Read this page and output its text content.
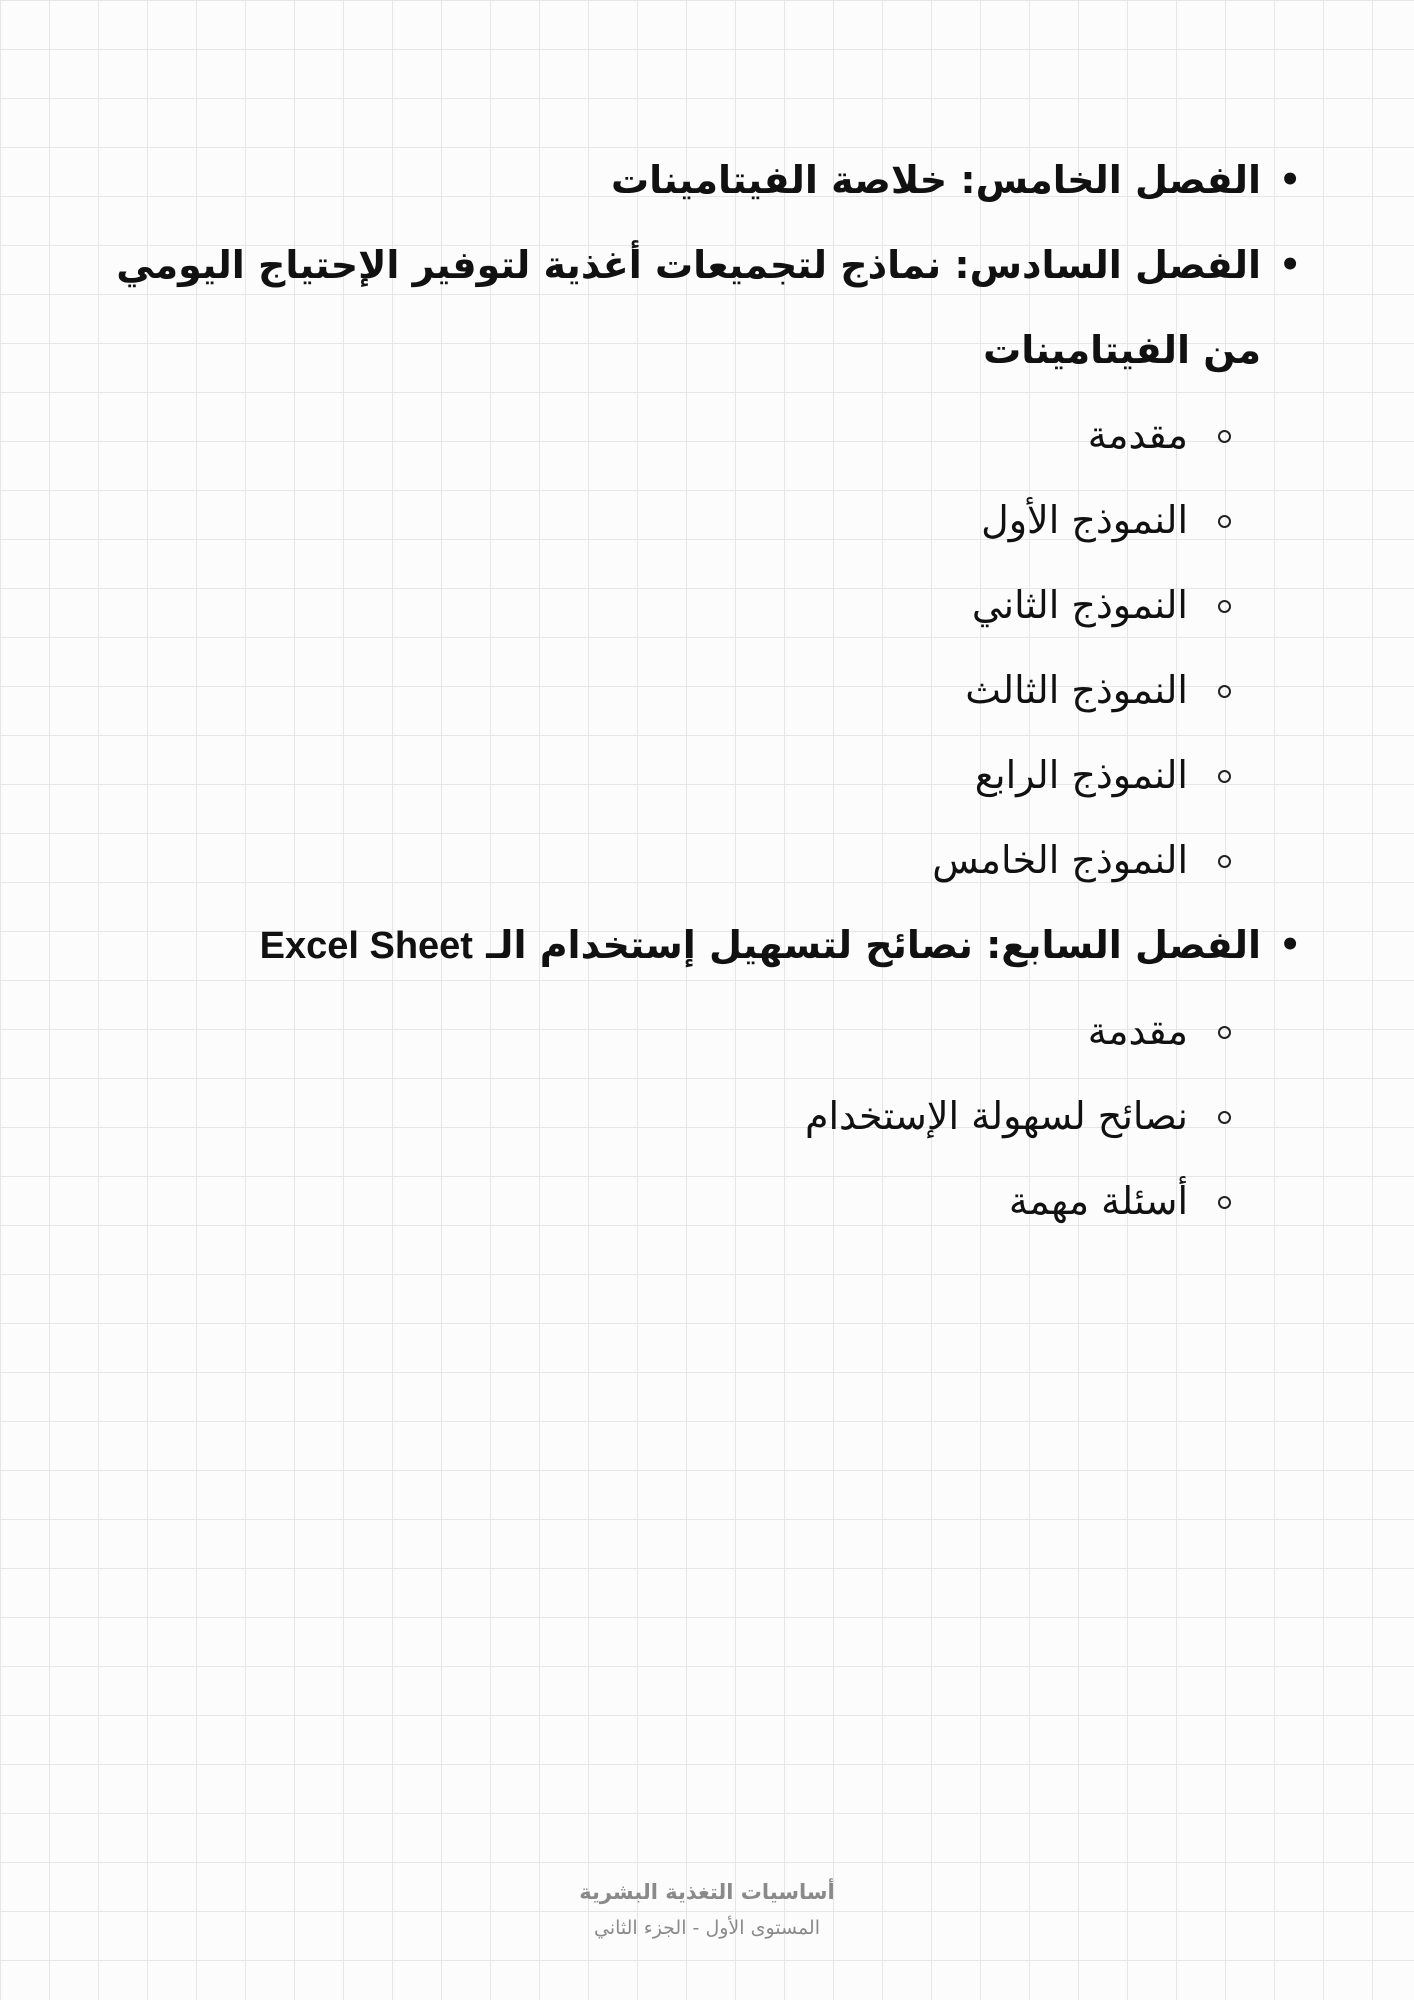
• الفصل الخامس: خلاصة الفيتامينات
• الفصل السادس: نماذج لتجميعات أغذية لتوفير الإحتياج اليومي من الفيتامينات
مقدمة
النموذج الأول
النموذج الثاني
النموذج الثالث
النموذج الرابع
النموذج الخامس
• الفصل السابع: نصائح لتسهيل إستخدام الـ Excel Sheet
مقدمة
نصائح لسهولة الإستخدام
أسئلة مهمة
أساسيات التغذية البشرية
المستوى الأول - الجزء الثاني
